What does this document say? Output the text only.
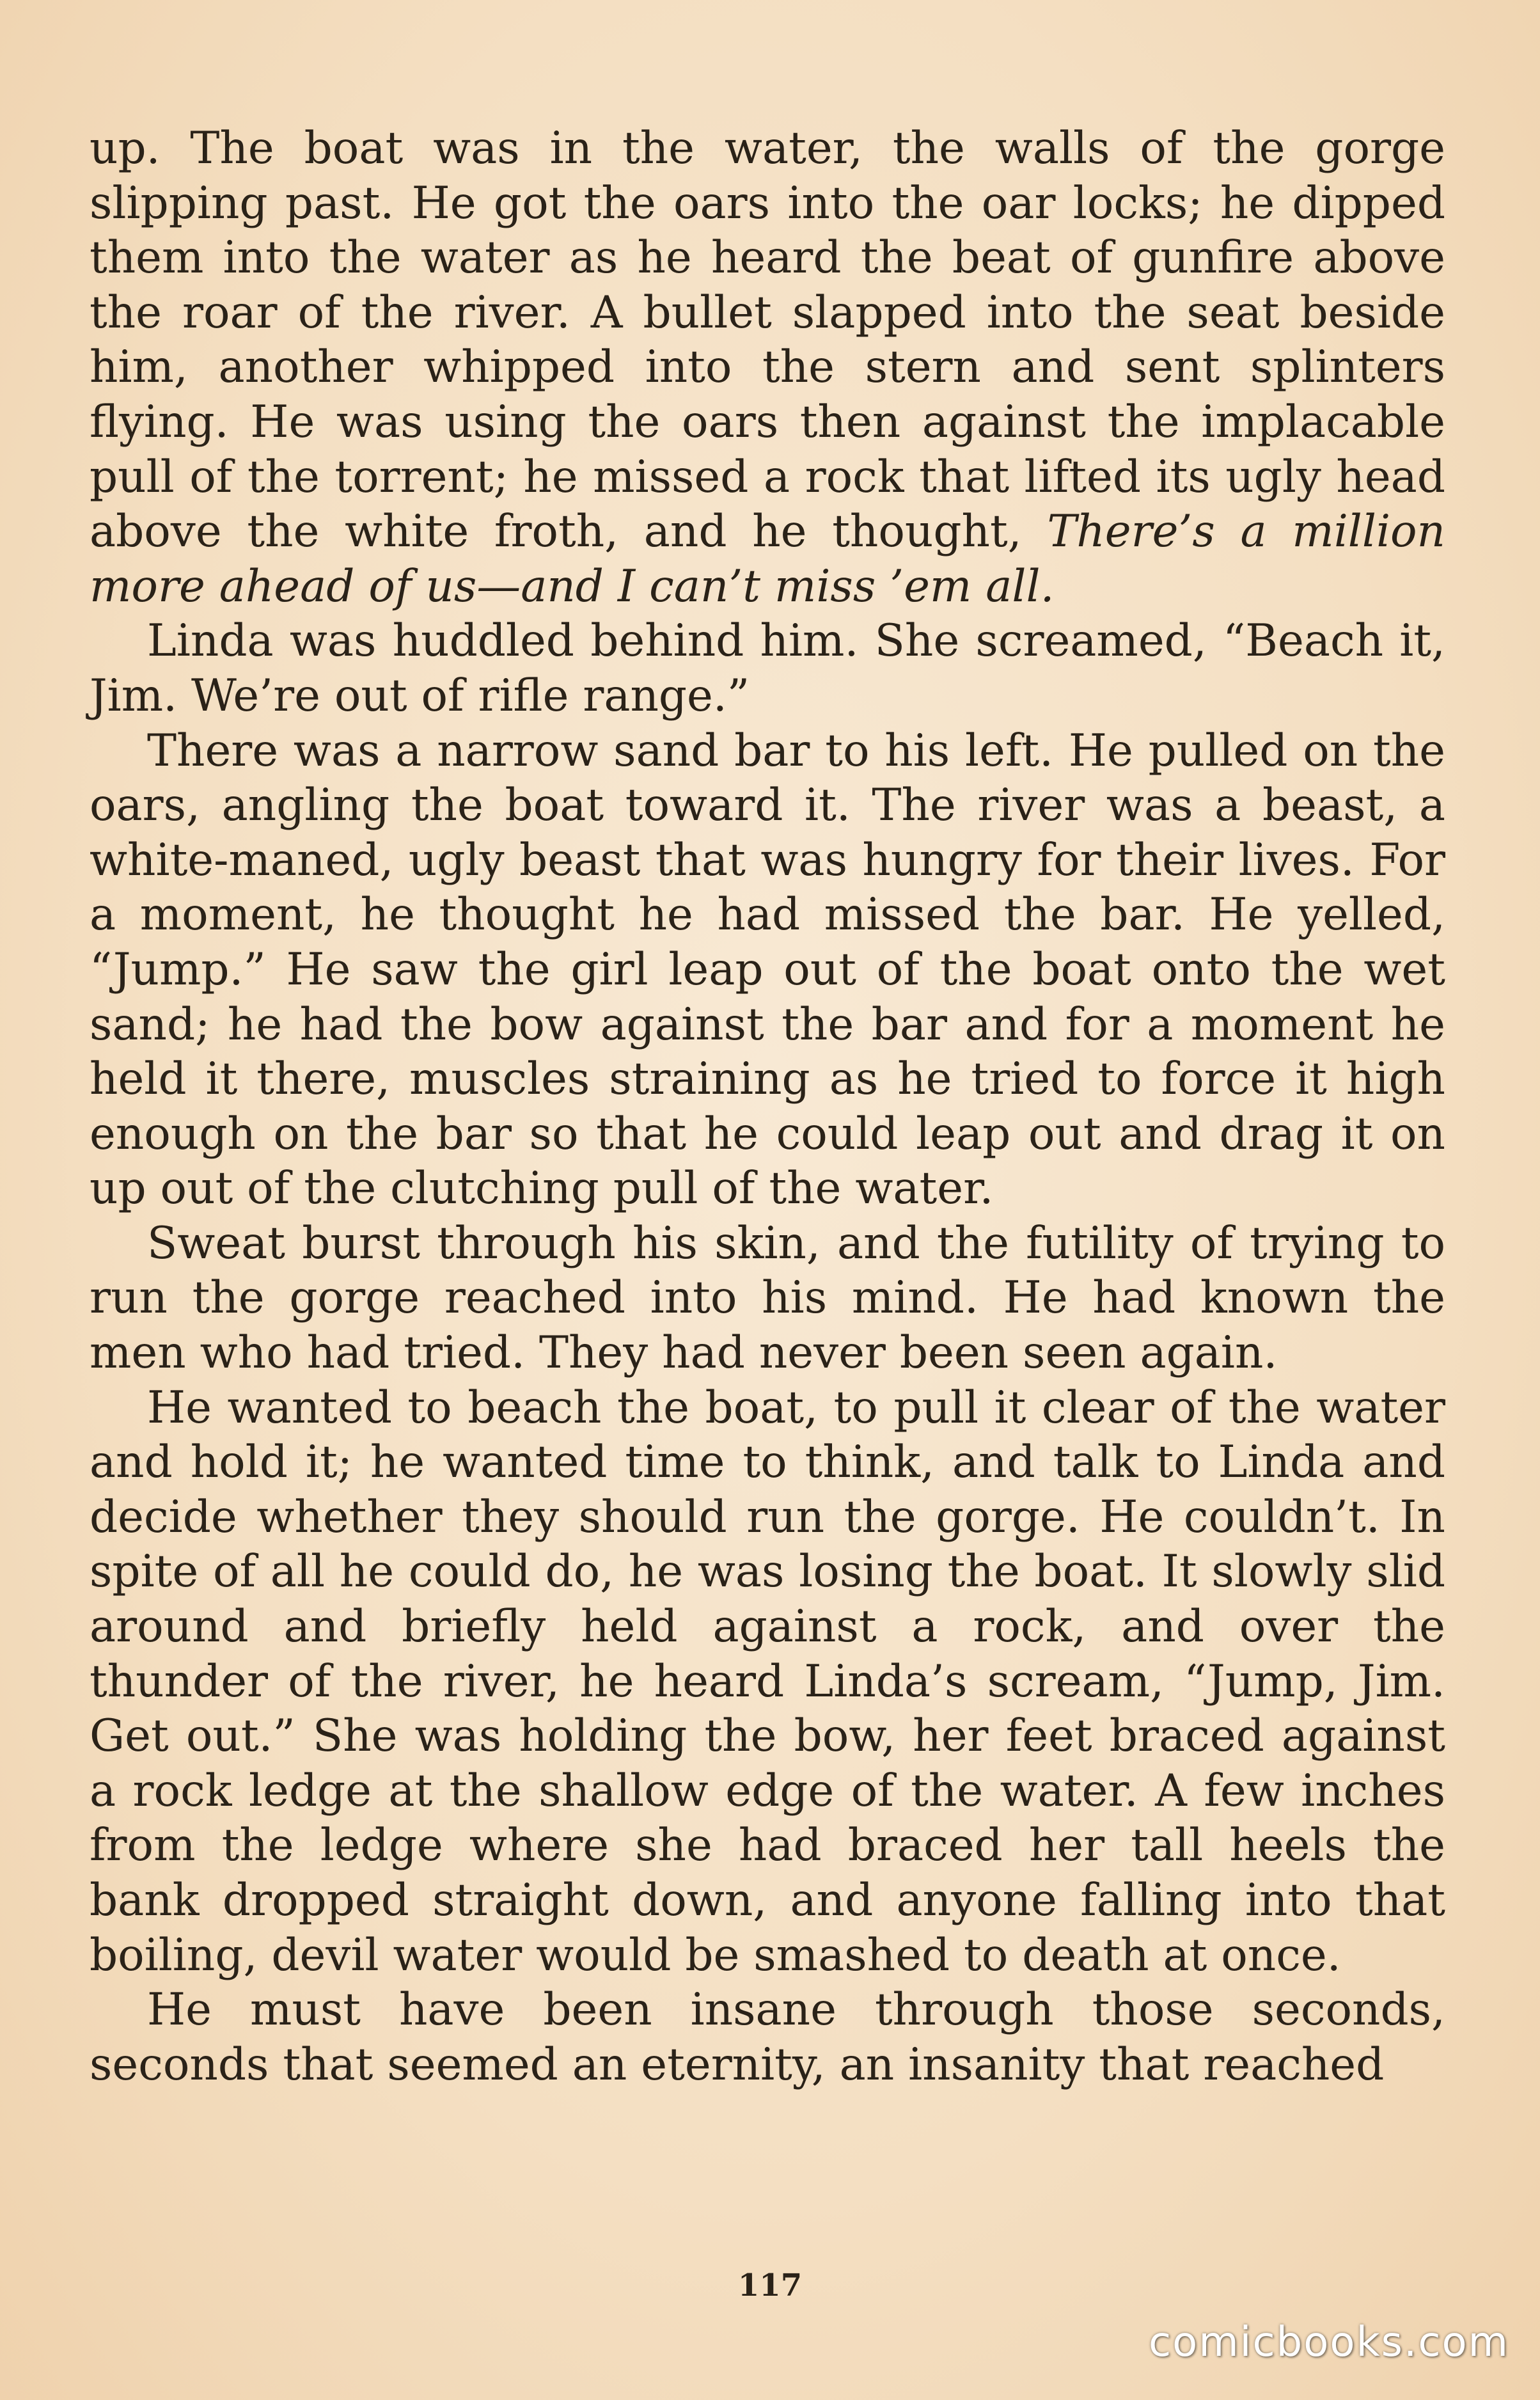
up. The boat was in the water, the walls of the gorge slipping past. He got the oars into the oar locks; he dipped them into the water as he heard the beat of gunfire above the roar of the river. A bullet slapped into the seat beside him, another whipped into the stern and sent splinters flying. He was using the oars then against the implacable pull of the torrent; he missed a rock that lifted its ugly head above the white froth, and he thought, There’s a million more ahead of us—and I can’t miss ’em all.

Linda was huddled behind him. She screamed, “Beach it, Jim. We’re out of rifle range.”

There was a narrow sand bar to his left. He pulled on the oars, angling the boat toward it. The river was a beast, a white-maned, ugly beast that was hungry for their lives. For a moment, he thought he had missed the bar. He yelled, “Jump.” He saw the girl leap out of the boat onto the wet sand; he had the bow against the bar and for a moment he held it there, muscles straining as he tried to force it high enough on the bar so that he could leap out and drag it on up out of the clutching pull of the water.

Sweat burst through his skin, and the futility of trying to run the gorge reached into his mind. He had known the men who had tried. They had never been seen again.

He wanted to beach the boat, to pull it clear of the water and hold it; he wanted time to think, and talk to Linda and decide whether they should run the gorge. He couldn’t. In spite of all he could do, he was losing the boat. It slowly slid around and briefly held against a rock, and over the thunder of the river, he heard Linda’s scream, “Jump, Jim. Get out.” She was holding the bow, her feet braced against a rock ledge at the shallow edge of the water. A few inches from the ledge where she had braced her tall heels the bank dropped straight down, and anyone falling into that boiling, devil water would be smashed to death at once.

He must have been insane through those seconds, seconds that seemed an eternity, an insanity that reached

117
comicbooks.com
